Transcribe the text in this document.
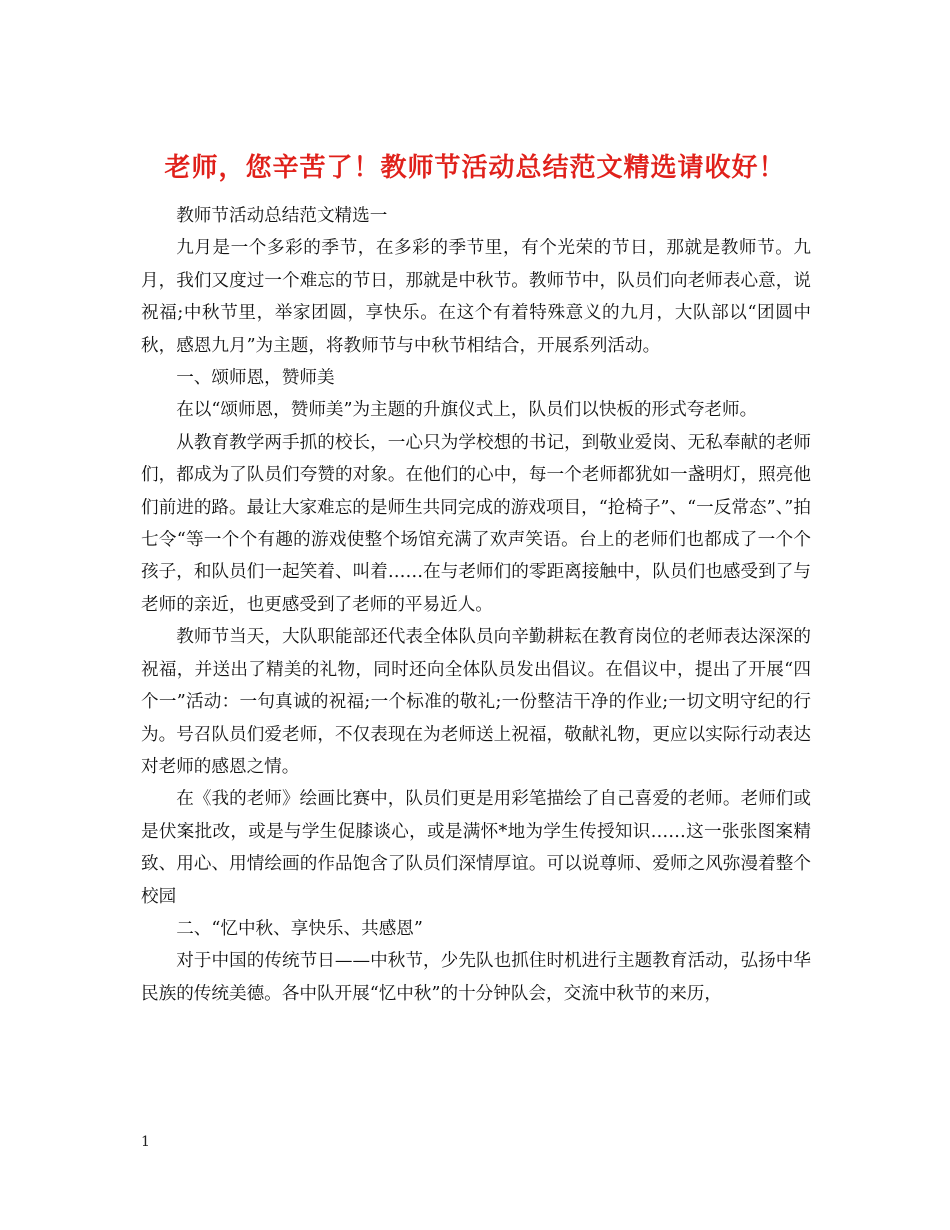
老师，您辛苦了！教师节活动总结范文精选请收好！

教师节活动总结范文精选一

九月是一个多彩的季节，在多彩的季节里，有个光荣的节日，那就是教师节。九月，我们又度过一个难忘的节日，那就是中秋节。教师节中，队员们向老师表心意，说祝福;中秋节里，举家团圆，享快乐。在这个有着特殊意义的九月，大队部以“团圆中秋，感恩九月”为主题，将教师节与中秋节相结合，开展系列活动。

一、颂师恩，赞师美

在以“颂师恩，赞师美”为主题的升旗仪式上，队员们以快板的形式夸老师。

从教育教学两手抓的校长，一心只为学校想的书记，到敬业爱岗、无私奉献的老师们，都成为了队员们夸赞的对象。在他们的心中，每一个老师都犹如一盏明灯，照亮他们前进的路。最让大家难忘的是师生共同完成的游戏项目，“抢椅子”、“一反常态”、”拍七令“等一个个有趣的游戏使整个场馆充满了欢声笑语。台上的老师们也都成了一个个孩子，和队员们一起笑着、叫着……在与老师们的零距离接触中，队员们也感受到了与老师的亲近，也更感受到了老师的平易近人。

教师节当天，大队职能部还代表全体队员向辛勤耕耘在教育岗位的老师表达深深的祝福，并送出了精美的礼物，同时还向全体队员发出倡议。在倡议中，提出了开展“四个一”活动：一句真诚的祝福;一个标准的敬礼;一份整洁干净的作业;一切文明守纪的行为。号召队员们爱老师，不仅表现在为老师送上祝福，敬献礼物，更应以实际行动表达对老师的感恩之情。

在《我的老师》绘画比赛中，队员们更是用彩笔描绘了自己喜爱的老师。老师们或是伏案批改，或是与学生促膝谈心，或是满怀*地为学生传授知识……这一张张图案精致、用心、用情绘画的作品饱含了队员们深情厚谊。可以说尊师、爱师之风弥漫着整个校园

二、“忆中秋、享快乐、共感恩”

对于中国的传统节日——中秋节，少先队也抓住时机进行主题教育活动，弘扬中华民族的传统美德。各中队开展“忆中秋”的十分钟队会，交流中秋节的来历，

1
